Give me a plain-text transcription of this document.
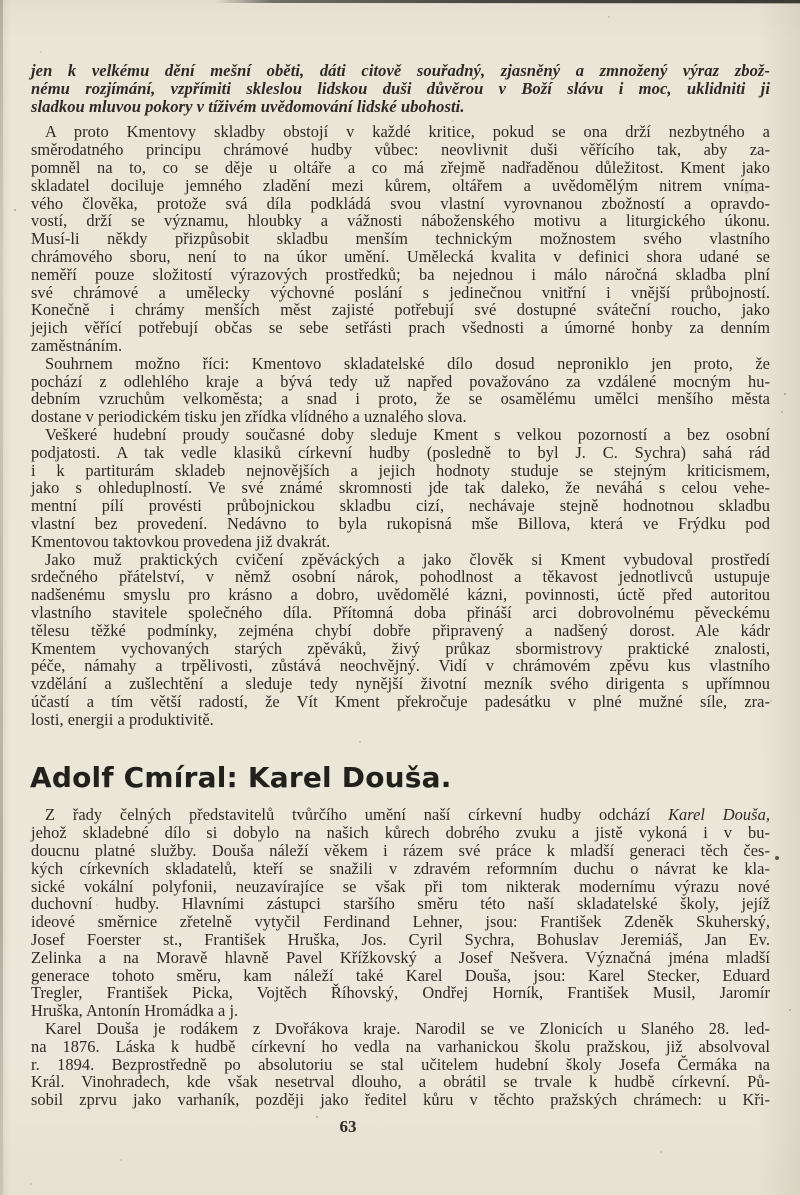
jen k velkému dění mešní oběti, dáti citově souřadný, zjasněný a zmnožený výraz zbož-
nému rozjímání, vzpřímiti skleslou lidskou duši důvěrou v Boží slávu i moc, uklidniti ji
sladkou mluvou pokory v tíživém uvědomování lidské ubohosti.
A proto Kmentovy skladby obstojí v každé kritice, pokud se ona drží nezbytného a
směrodatného principu chrámové hudby vůbec: neovlivnit duši věřícího tak, aby za-
pomněl na to, co se děje u oltáře a co má zřejmě nadřaděnou důležitost. Kment jako
skladatel dociluje jemného zladění mezi kůrem, oltářem a uvědomělým nitrem vníma-
vého člověka, protože svá díla podkládá svou vlastní vyrovnanou zbožností a opravdo-
vostí, drží se významu, hloubky a vážnosti náboženského motivu a liturgického úkonu.
Musí-li někdy přizpůsobit skladbu menším technickým možnostem svého vlastního
chrámového sboru, není to na úkor umění. Umělecká kvalita v definici shora udané se
neměří pouze složitostí výrazových prostředků; ba nejednou i málo náročná skladba plní
své chrámové a umělecky výchovné poslání s jedinečnou vnitřní i vnější průbojností.
Konečně i chrámy menších měst zajisté potřebují své dostupné sváteční roucho, jako
jejich věřící potřebují občas se sebe setřásti prach všednosti a úmorné honby za denním
zaměstnáním.
Souhrnem možno říci: Kmentovo skladatelské dílo dosud neproniklo jen proto, že
pochází z odlehlého kraje a bývá tedy už napřed považováno za vzdálené mocným hu-
debním vzruchům velkoměsta; a snad i proto, že se osamělému umělci menšího města
dostane v periodickém tisku jen zřídka vlídného a uznalého slova.
Veškeré hudební proudy současné doby sleduje Kment s velkou pozorností a bez osobní
podjatosti. A tak vedle klasiků církevní hudby (posledně to byl J. C. Sychra) sahá rád
i k partiturám skladeb nejnovějších a jejich hodnoty studuje se stejným kriticismem,
jako s ohleduplností. Ve své známé skromnosti jde tak daleko, že neváhá s celou vehe-
mentní pílí provésti průbojnickou skladbu cizí, nechávaje stejně hodnotnou skladbu
vlastní bez provedení. Nedávno to byla rukopisná mše Billova, která ve Frýdku pod
Kmentovou taktovkou provedena již dvakrát.
Jako muž praktických cvičení zpěváckých a jako člověk si Kment vybudoval prostředí
srdečného přátelství, v němž osobní nárok, pohodlnost a těkavost jednotlivců ustupuje
nadšenému smyslu pro krásno a dobro, uvědomělé kázni, povinnosti, úctě před autoritou
vlastního stavitele společného díla. Přítomná doba přináší arci dobrovolnému pěveckému
tělesu těžké podmínky, zejména chybí dobře připravený a nadšený dorost. Ale kádr
Kmentem vychovaných starých zpěváků, živý průkaz sbormistrovy praktické znalosti,
péče, námahy a trpělivosti, zůstává neochvějný. Vidí v chrámovém zpěvu kus vlastního
vzdělání a zušlechtění a sleduje tedy nynější životní mezník svého dirigenta s upřímnou
účastí a tím větší radostí, že Vít Kment překročuje padesátku v plné mužné síle, zra-
losti, energii a produktivitě.
Adolf Cmíral: Karel Douša.
Z řady čelných představitelů tvůrčího umění naší církevní hudby odchází Karel Douša,
jehož skladebné dílo si dobylo na našich kůrech dobrého zvuku a jistě vykoná i v bu-
doucnu platné služby. Douša náleží věkem i rázem své práce k mladší generaci těch čes-
kých církevních skladatelů, kteří se snažili v zdravém reformním duchu o návrat ke kla-
sické vokální polyfonii, neuzavírajíce se však při tom nikterak modernímu výrazu nové
duchovní hudby. Hlavními zástupci staršího směru této naší skladatelské školy, jejíž
ideové směrnice zřetelně vytyčil Ferdinand Lehner, jsou: František Zdeněk Skuherský,
Josef Foerster st., František Hruška, Jos. Cyril Sychra, Bohuslav Jeremiáš, Jan Ev.
Zelinka a na Moravě hlavně Pavel Křížkovský a Josef Nešvera. Význačná jména mladší
generace tohoto směru, kam náleží také Karel Douša, jsou: Karel Stecker, Eduard
Tregler, František Picka, Vojtěch Říhovský, Ondřej Horník, František Musil, Jaromír
Hruška, Antonín Hromádka a j.
Karel Douša je rodákem z Dvořákova kraje. Narodil se ve Zlonicích u Slaného 28. led-
na 1876. Láska k hudbě církevní ho vedla na varhanickou školu pražskou, již absolvoval
r. 1894. Bezprostředně po absolutoriu se stal učitelem hudební školy Josefa Čermáka na
Král. Vinohradech, kde však nesetrval dlouho, a obrátil se trvale k hudbě církevní. Pů-
sobil zprvu jako varhaník, později jako ředitel kůru v těchto pražských chrámech: u Kři-
63
